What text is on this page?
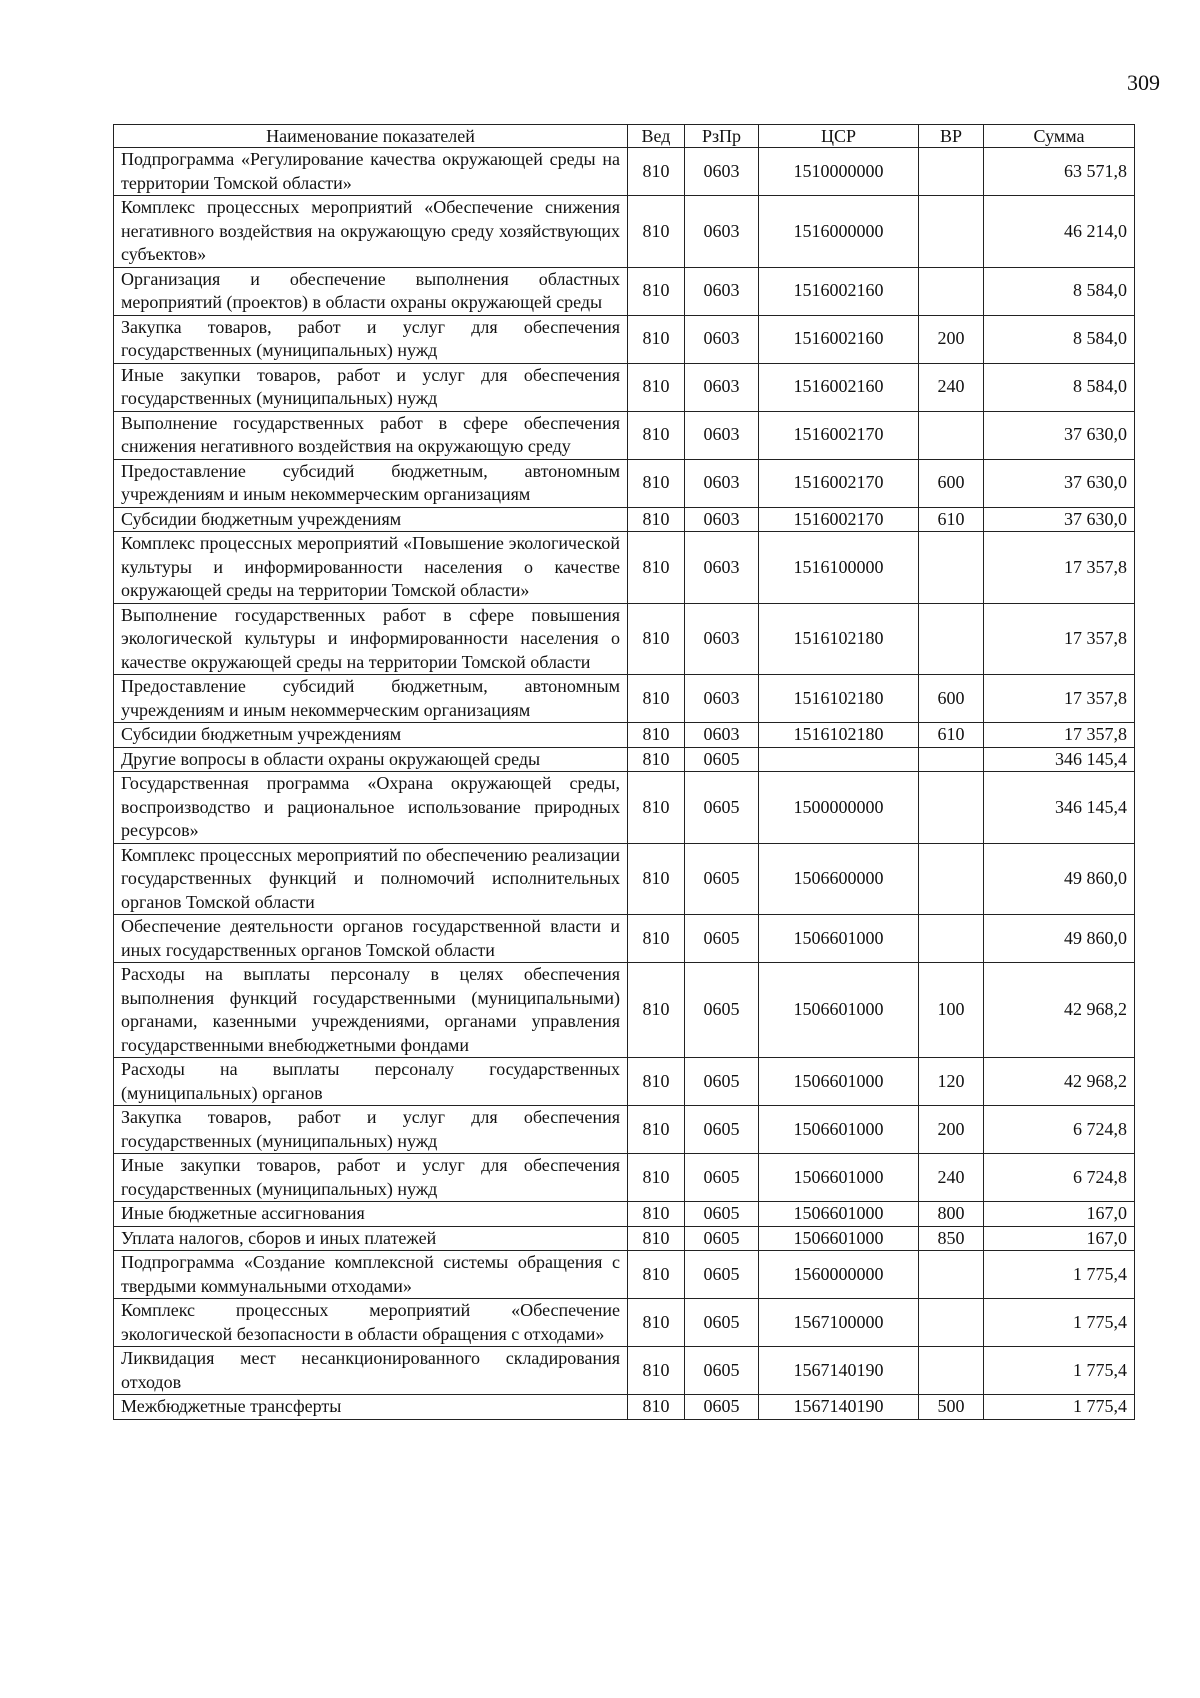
309
Наименование показателей	Вед	РзПр	ЦСР	ВР	Сумма
Подпрограмма «Регулирование качества окружающей среды на территории Томской области»	810	0603	1510000000		63 571,8
Комплекс процессных мероприятий «Обеспечение снижения негативного воздействия на окружающую среду хозяйствующих субъектов»	810	0603	1516000000		46 214,0
Организация и обеспечение выполнения областных мероприятий (проектов) в области охраны окружающей среды	810	0603	1516002160		8 584,0
Закупка товаров, работ и услуг для обеспечения государственных (муниципальных) нужд	810	0603	1516002160	200	8 584,0
Иные закупки товаров, работ и услуг для обеспечения государственных (муниципальных) нужд	810	0603	1516002160	240	8 584,0
Выполнение государственных работ в сфере обеспечения снижения негативного воздействия на окружающую среду	810	0603	1516002170		37 630,0
Предоставление субсидий бюджетным, автономным учреждениям и иным некоммерческим организациям	810	0603	1516002170	600	37 630,0
Субсидии бюджетным учреждениям	810	0603	1516002170	610	37 630,0
Комплекс процессных мероприятий «Повышение экологической культуры и информированности населения о качестве окружающей среды на территории Томской области»	810	0603	1516100000		17 357,8
Выполнение государственных работ в сфере повышения экологической культуры и информированности населения о качестве окружающей среды на территории Томской области	810	0603	1516102180		17 357,8
Предоставление субсидий бюджетным, автономным учреждениям и иным некоммерческим организациям	810	0603	1516102180	600	17 357,8
Субсидии бюджетным учреждениям	810	0603	1516102180	610	17 357,8
Другие вопросы в области охраны окружающей среды	810	0605			346 145,4
Государственная программа «Охрана окружающей среды, воспроизводство и рациональное использование природных ресурсов»	810	0605	1500000000		346 145,4
Комплекс процессных мероприятий по обеспечению реализации государственных функций и полномочий исполнительных органов Томской области	810	0605	1506600000		49 860,0
Обеспечение деятельности органов государственной власти и иных государственных органов Томской области	810	0605	1506601000		49 860,0
Расходы на выплаты персоналу в целях обеспечения выполнения функций государственными (муниципальными) органами, казенными учреждениями, органами управления государственными внебюджетными фондами	810	0605	1506601000	100	42 968,2
Расходы на выплаты персоналу государственных (муниципальных) органов	810	0605	1506601000	120	42 968,2
Закупка товаров, работ и услуг для обеспечения государственных (муниципальных) нужд	810	0605	1506601000	200	6 724,8
Иные закупки товаров, работ и услуг для обеспечения государственных (муниципальных) нужд	810	0605	1506601000	240	6 724,8
Иные бюджетные ассигнования	810	0605	1506601000	800	167,0
Уплата налогов, сборов и иных платежей	810	0605	1506601000	850	167,0
Подпрограмма «Создание комплексной системы обращения с твердыми коммунальными отходами»	810	0605	1560000000		1 775,4
Комплекс процессных мероприятий «Обеспечение экологической безопасности в области обращения с отходами»	810	0605	1567100000		1 775,4
Ликвидация мест несанкционированного складирования отходов	810	0605	1567140190		1 775,4
Межбюджетные трансферты	810	0605	1567140190	500	1 775,4
